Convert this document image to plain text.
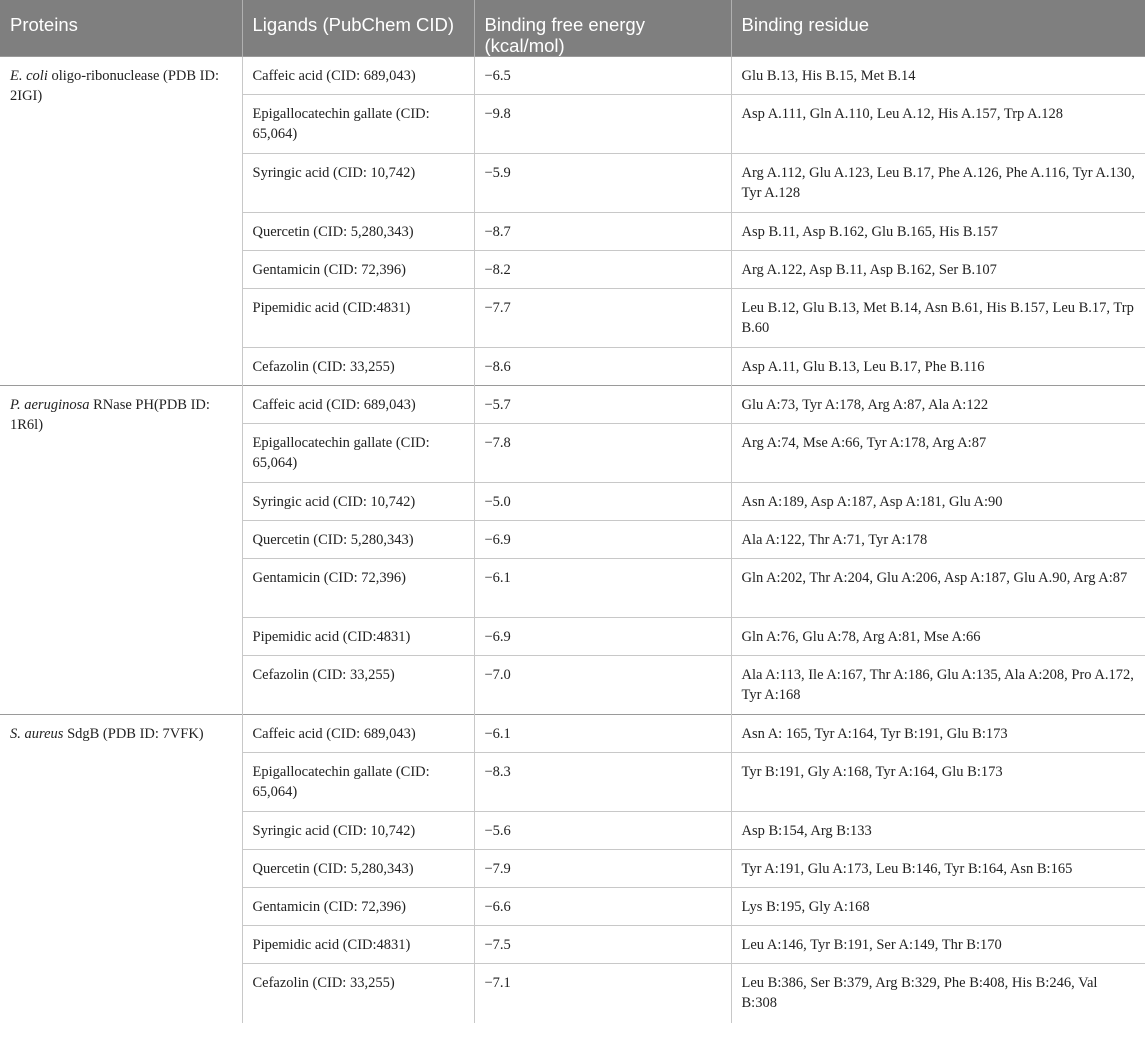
Proteins	Ligands (PubChem CID)	Binding free energy (kcal/mol)	Binding residue
E. coli oligo-ribonuclease (PDB ID: 2IGI)	Caffeic acid (CID: 689,043)	−6.5	Glu B.13, His B.15, Met B.14
	Epigallocatechin gallate (CID: 65,064)	−9.8	Asp A.111, Gln A.110, Leu A.12, His A.157, Trp A.128
	Syringic acid (CID: 10,742)	−5.9	Arg A.112, Glu A.123, Leu B.17, Phe A.126, Phe A.116, Tyr A.130, Tyr A.128
	Quercetin (CID: 5,280,343)	−8.7	Asp B.11, Asp B.162, Glu B.165, His B.157
	Gentamicin (CID: 72,396)	−8.2	Arg A.122, Asp B.11, Asp B.162, Ser B.107
	Pipemidic acid (CID:4831)	−7.7	Leu B.12, Glu B.13, Met B.14, Asn B.61, His B.157, Leu B.17, Trp B.60
	Cefazolin (CID: 33,255)	−8.6	Asp A.11, Glu B.13, Leu B.17, Phe B.116
P. aeruginosa RNase PH(PDB ID: 1R6l)	Caffeic acid (CID: 689,043)	−5.7	Glu A:73, Tyr A:178, Arg A:87, Ala A:122
	Epigallocatechin gallate (CID: 65,064)	−7.8	Arg A:74, Mse A:66, Tyr A:178, Arg A:87
	Syringic acid (CID: 10,742)	−5.0	Asn A:189, Asp A:187, Asp A:181, Glu A:90
	Quercetin (CID: 5,280,343)	−6.9	Ala A:122, Thr A:71, Tyr A:178
	Gentamicin (CID: 72,396)	−6.1	Gln A:202, Thr A:204, Glu A:206, Asp A:187, Glu A.90, Arg A:87
	Pipemidic acid (CID:4831)	−6.9	Gln A:76, Glu A:78, Arg A:81, Mse A:66
	Cefazolin (CID: 33,255)	−7.0	Ala A:113, Ile A:167, Thr A:186, Glu A:135, Ala A:208, Pro A.172, Tyr A:168
S. aureus SdgB (PDB ID: 7VFK)	Caffeic acid (CID: 689,043)	−6.1	Asn A: 165, Tyr A:164, Tyr B:191, Glu B:173
	Epigallocatechin gallate (CID: 65,064)	−8.3	Tyr B:191, Gly A:168, Tyr A:164, Glu B:173
	Syringic acid (CID: 10,742)	−5.6	Asp B:154, Arg B:133
	Quercetin (CID: 5,280,343)	−7.9	Tyr A:191, Glu A:173, Leu B:146, Tyr B:164, Asn B:165
	Gentamicin (CID: 72,396)	−6.6	Lys B:195, Gly A:168
	Pipemidic acid (CID:4831)	−7.5	Leu A:146, Tyr B:191, Ser A:149, Thr B:170
	Cefazolin (CID: 33,255)	−7.1	Leu B:386, Ser B:379, Arg B:329, Phe B:408, His B:246, Val B:308
